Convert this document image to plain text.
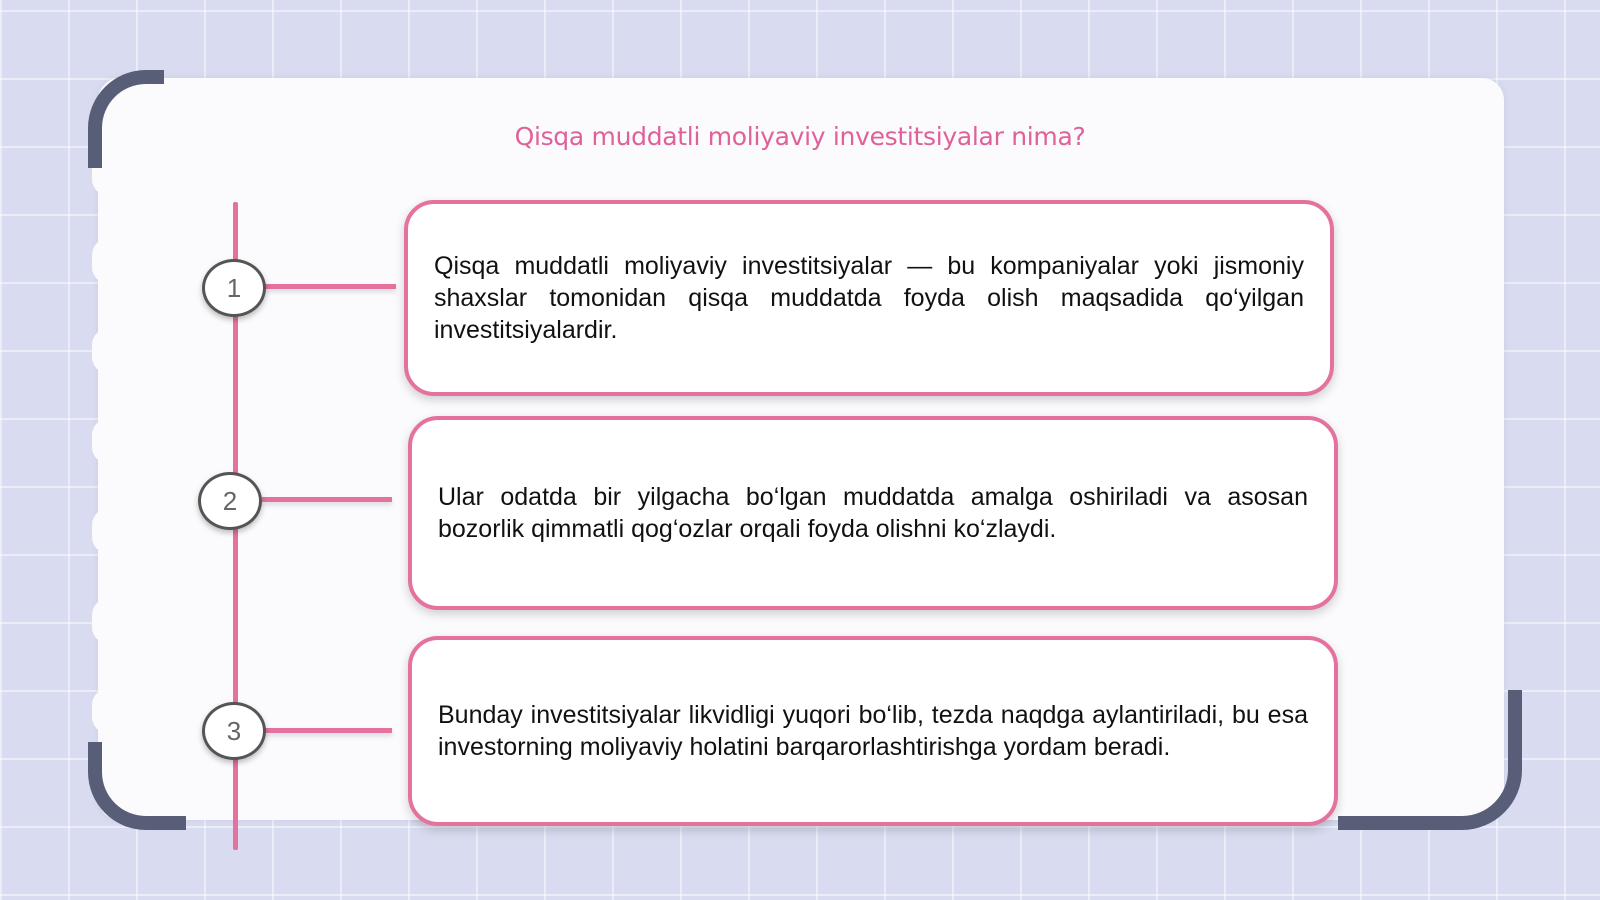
Qisqa muddatli moliyaviy investitsiyalar nima?
1
2
3
Qisqa muddatli moliyaviy investitsiyalar — bu kompaniyalar yoki jismoniy shaxslar tomonidan qisqa muddatda foyda olish maqsadida qo‘yilgan investitsiyalardir.
Ular odatda bir yilgacha bo‘lgan muddatda amalga oshiriladi va asosan bozorlik qimmatli qog‘ozlar orqali foyda olishni ko‘zlaydi.
Bunday investitsiyalar likvidligi yuqori bo‘lib, tezda naqdga aylantiriladi, bu esa investorning moliyaviy holatini barqarorlashtirishga yordam beradi.
